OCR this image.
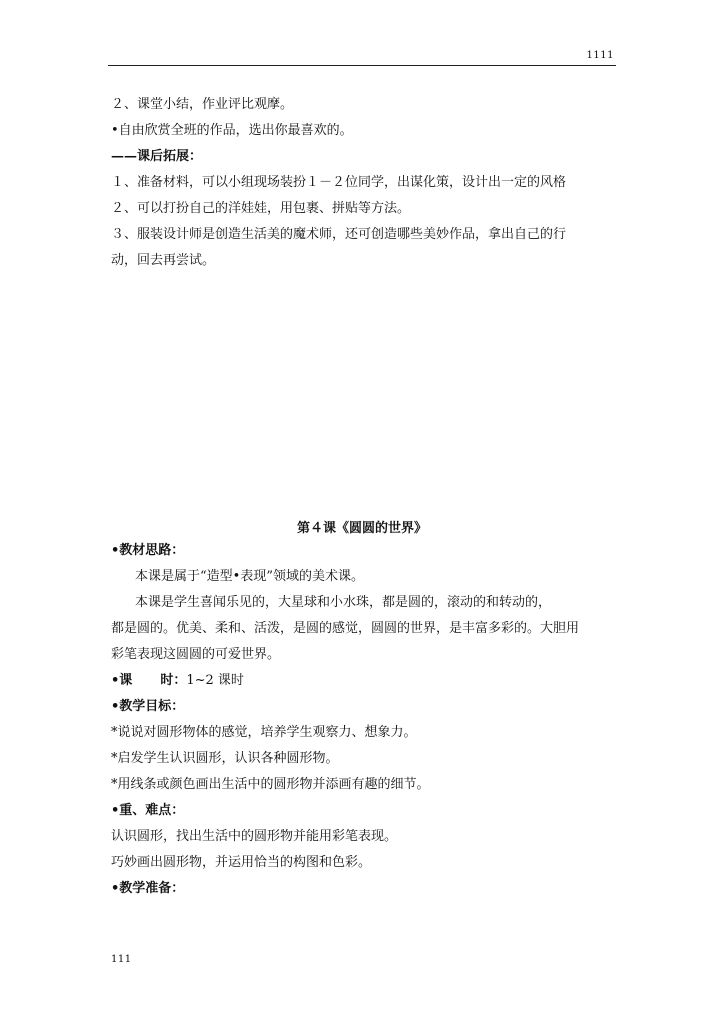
1111
２、课堂小结，作业评比观摩。
•自由欣赏全班的作品，选出你最喜欢的。
——课后拓展：
１、准备材料，可以小组现场装扮１－２位同学，出谋化策，设计出一定的风格
２、可以打扮自己的洋娃娃，用包裹、拼贴等方法。
３、服装设计师是创造生活美的魔术师，还可创造哪些美妙作品，拿出自己的行
动，回去再尝试。
第４课《圆圆的世界》
•教材思路：
本课是属于“造型•表现”领域的美术课。
本课是学生喜闻乐见的，大星球和小水珠，都是圆的，滚动的和转动的，
都是圆的。优美、柔和、活泼，是圆的感觉，圆圆的世界，是丰富多彩的。大胆用
彩笔表现这圆圆的可爱世界。
•课 时：1~2 课时
•教学目标：
*说说对圆形物体的感觉，培养学生观察力、想象力。
*启发学生认识圆形，认识各种圆形物。
*用线条或颜色画出生活中的圆形物并添画有趣的细节。
•重、难点：
认识圆形，找出生活中的圆形物并能用彩笔表现。
巧妙画出圆形物，并运用恰当的构图和色彩。
•教学准备：
111
